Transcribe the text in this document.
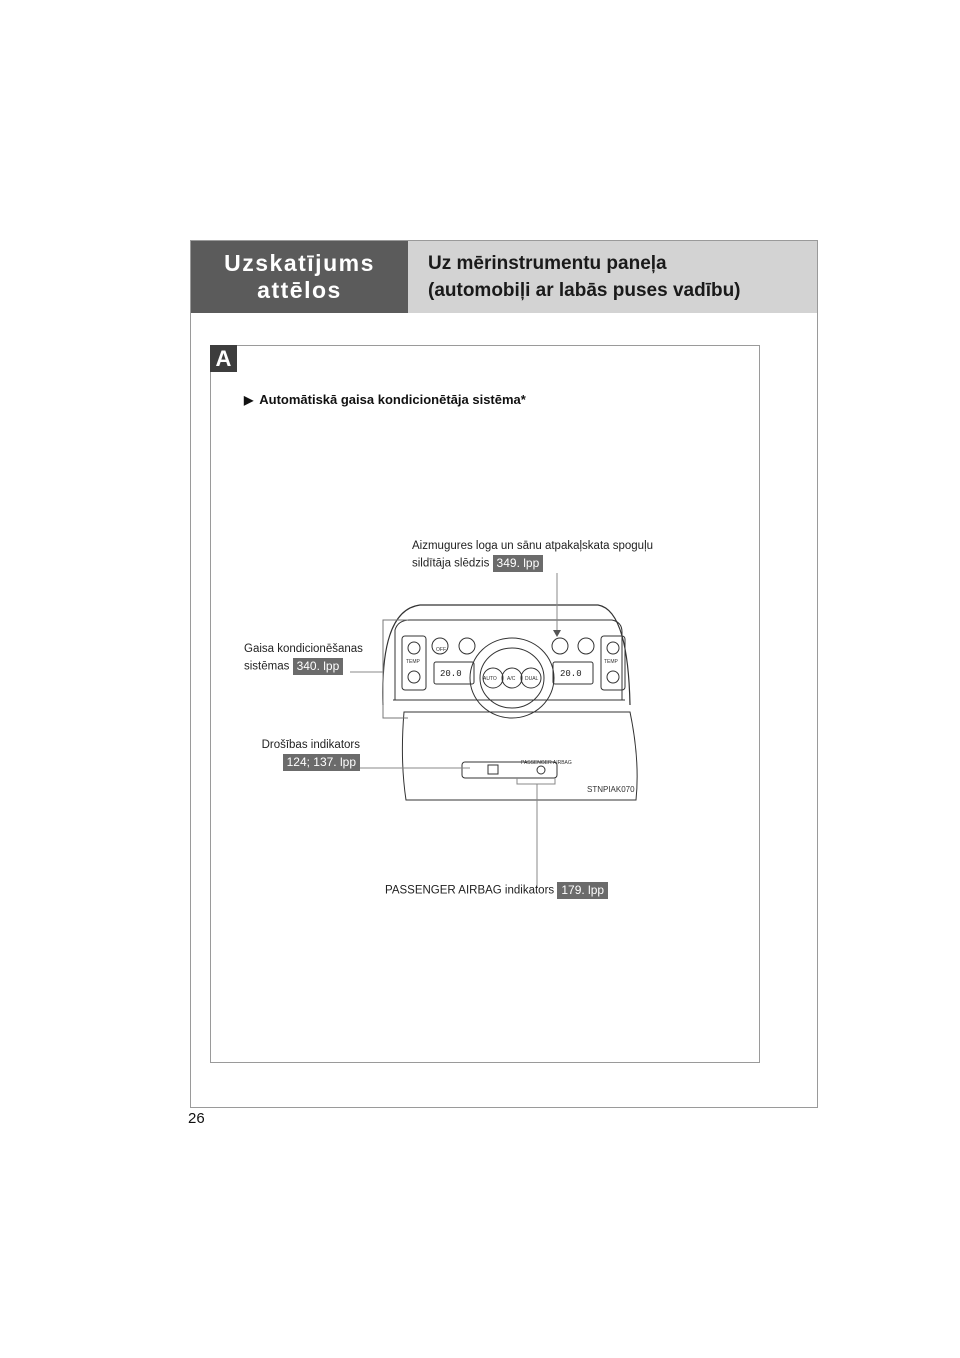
Uzskatījums
attēlos
Uz mērinstrumentu paneļa
(automobiļi ar labās puses vadību)
A
▶ Automātiskā gaisa kondicionētāja sistēma*
TEMP	TEMP
OFF
AUTO A/C DUAL
PASSENGER AIRBAG
20.0	20.0
Aizmugures loga un sānu atpakaļskata spoguļu
sildītāja slēdzis 349. lpp
Gaisa kondicionēšanas
sistēmas 340. lpp
Drošības indikators
124; 137. lpp
PASSENGER AIRBAG indikators 179. lpp
STNPIAK070
26
